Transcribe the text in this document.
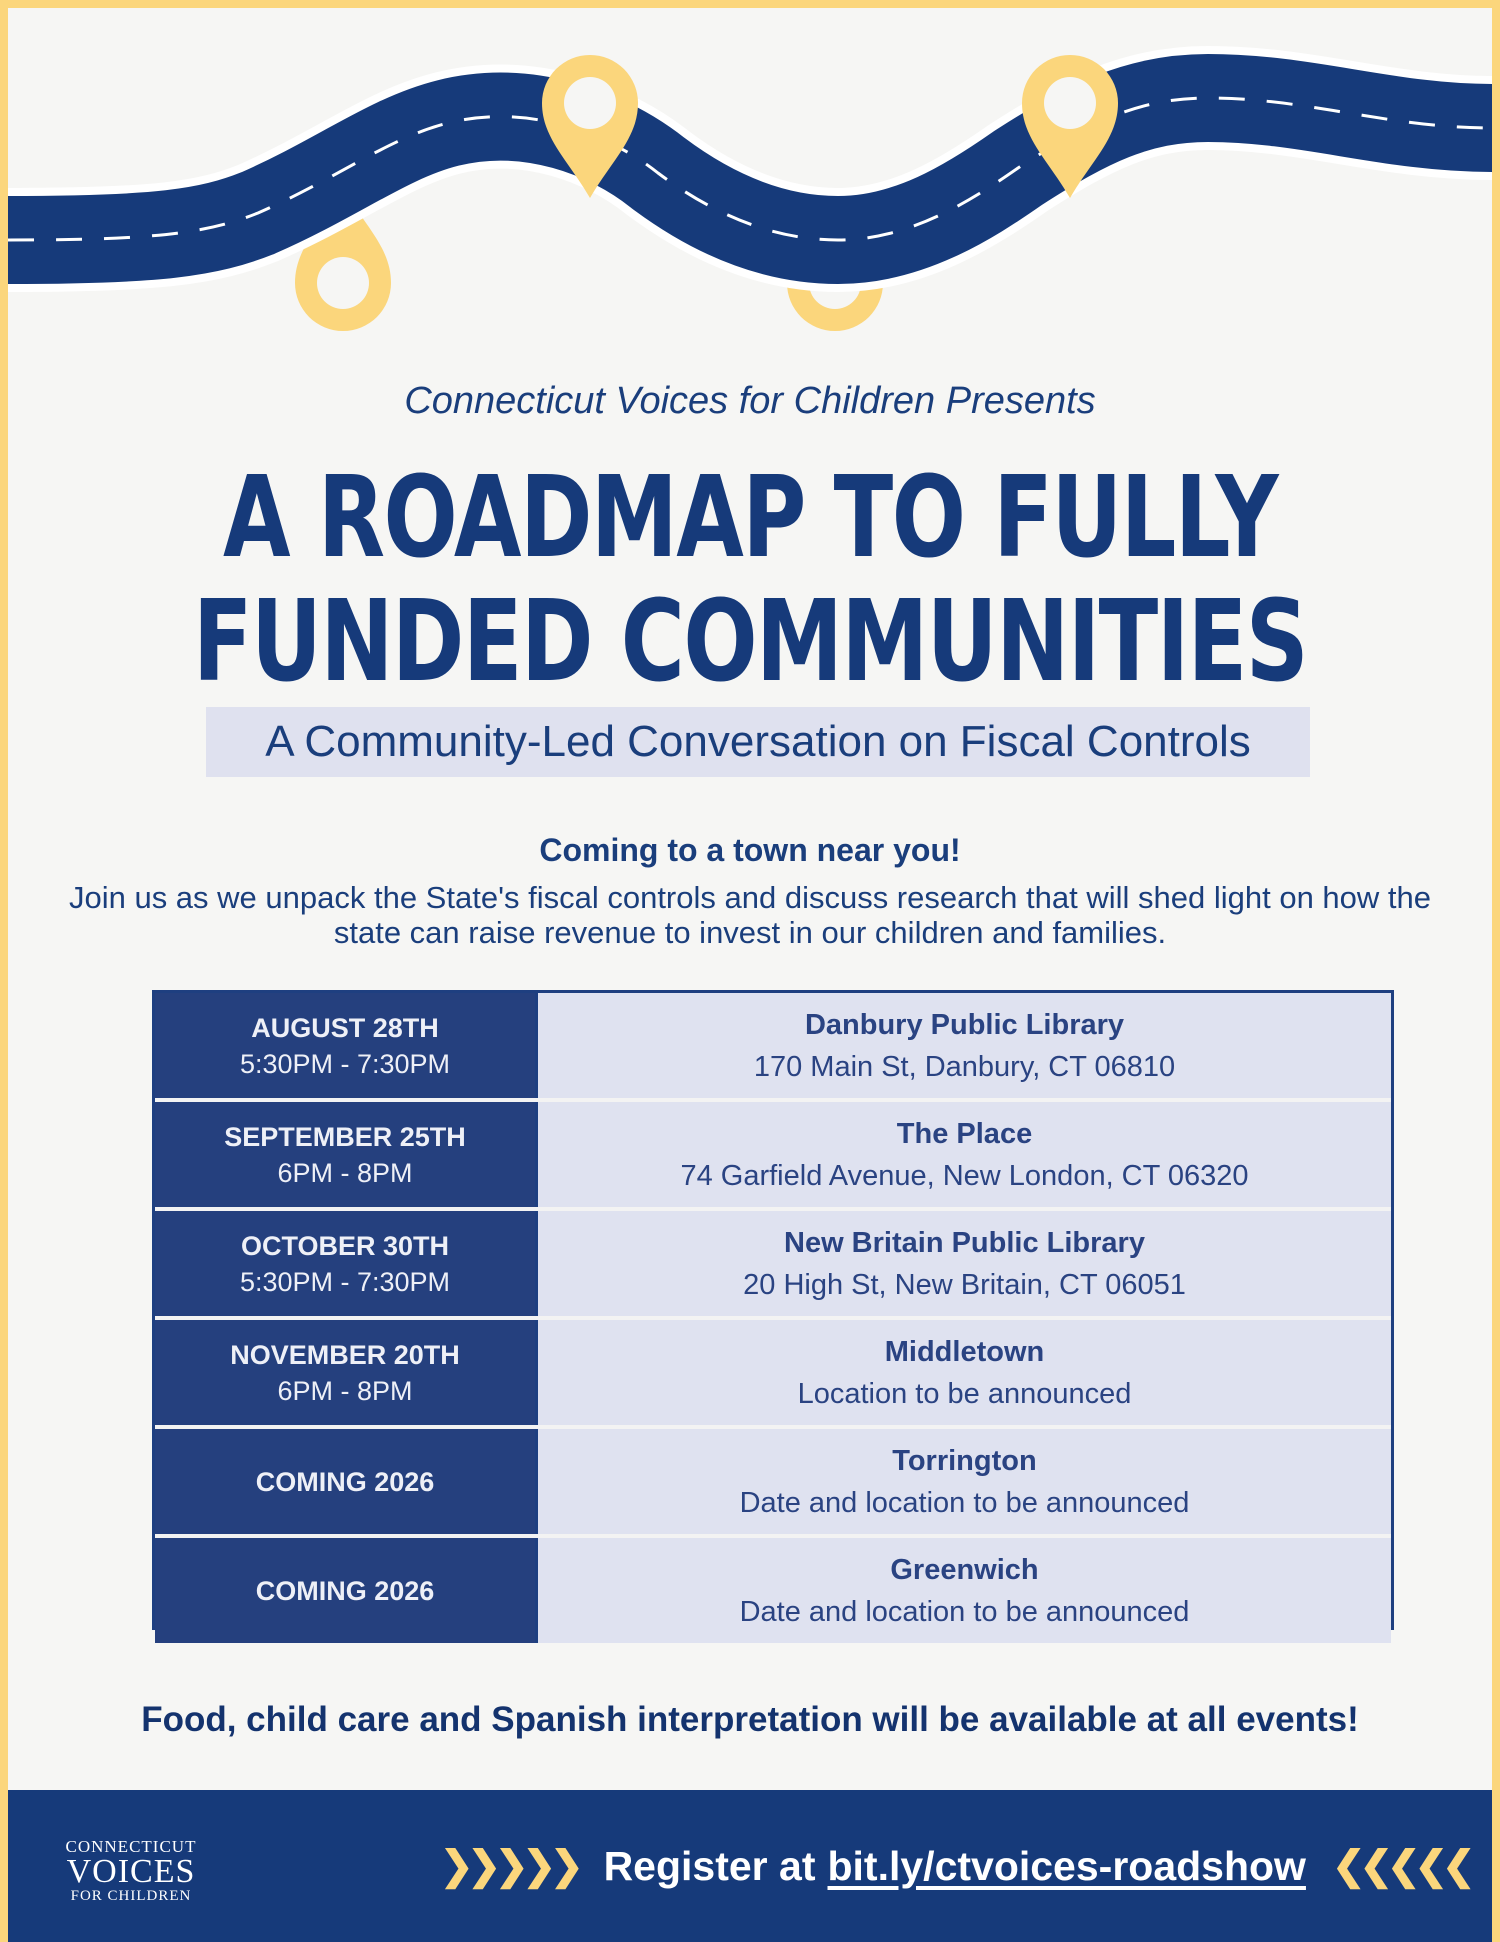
Connecticut Voices for Children Presents
A ROADMAP TO FULLY
FUNDED COMMUNITIES
A Community-Led Conversation on Fiscal Controls
Coming to a town near you!
Join us as we unpack the State's fiscal controls and discuss research that will shed light on how the state can raise revenue to invest in our children and families.
AUGUST 28TH
5:30PM - 7:30PM
Danbury Public Library
170 Main St, Danbury, CT 06810
SEPTEMBER 25TH
6PM - 8PM
The Place
74 Garfield Avenue, New London, CT 06320
OCTOBER 30TH
5:30PM - 7:30PM
New Britain Public Library
20 High St, New Britain, CT 06051
NOVEMBER 20TH
6PM - 8PM
Middletown
Location to be announced
COMING 2026
Torrington
Date and location to be announced
COMING 2026
Greenwich
Date and location to be announced
Food, child care and Spanish interpretation will be available at all events!
CONNECTICUT
VOICES
FOR CHILDREN
❯❯❯❯❯ Register at bit.ly/ctvoices-roadshow ❮❮❮❮❮
